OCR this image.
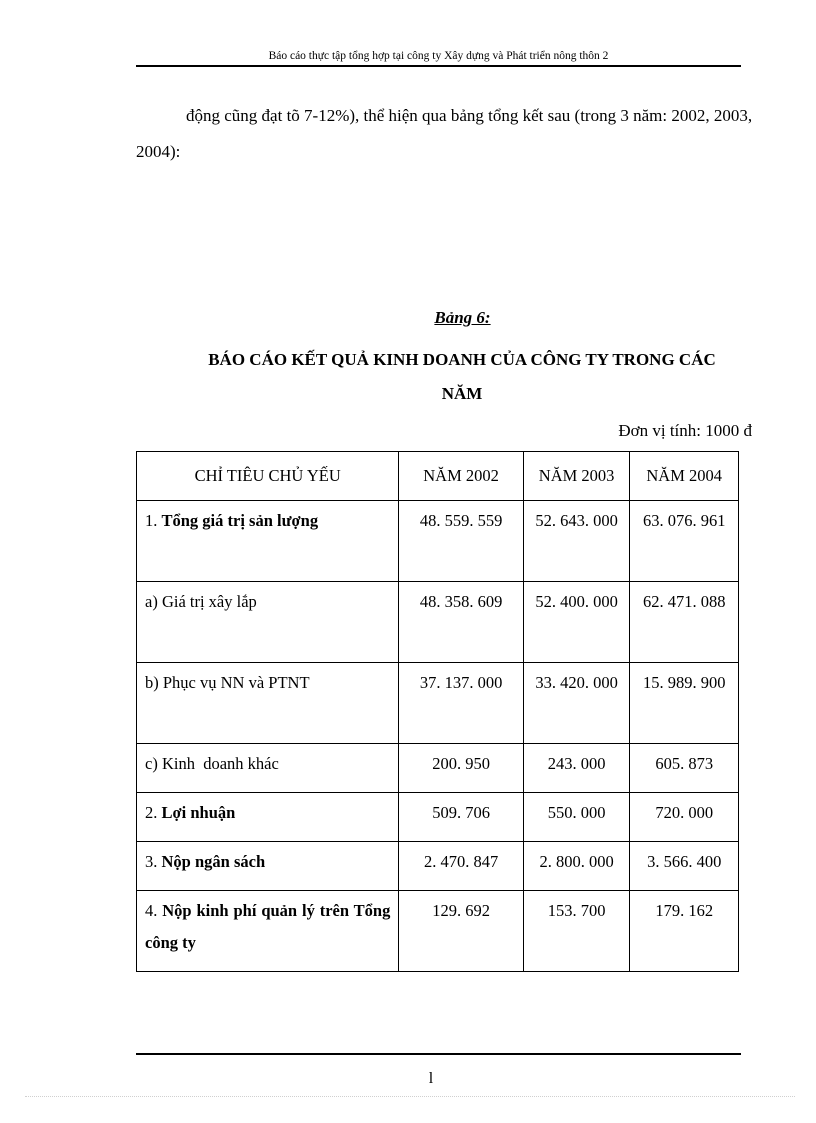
Báo cáo thực tập tổng hợp tại công ty Xây dựng và Phát triển nông thôn 2

động cũng đạt tõ 7-12%), thể hiện qua bảng tổng kết sau (trong 3 năm: 2002, 2003, 2004):

Bảng 6:
BÁO CÁO KẾT QUẢ KINH DOANH CỦA CÔNG TY TRONG CÁC NĂM
Đơn vị tính: 1000 đ
CHỈ TIÊU CHỦ YẾU	NĂM 2002	NĂM 2003	NĂM 2004
1. Tổng giá trị sản lượng	48. 559. 559	52. 643. 000	63. 076. 961
a) Giá trị xây lắp	48. 358. 609	52. 400. 000	62. 471. 088
b) Phục vụ NN và PTNT	37. 137. 000	33. 420. 000	15. 989. 900
c) Kinh  doanh khác	200. 950	243. 000	605. 873
2. Lợi nhuận	509. 706	550. 000	720. 000
3. Nộp ngân sách	2. 470. 847	2. 800. 000	3. 566. 400
4. Nộp kinh phí quản lý trên Tổng công ty	129. 692	153. 700	179. 162
l
